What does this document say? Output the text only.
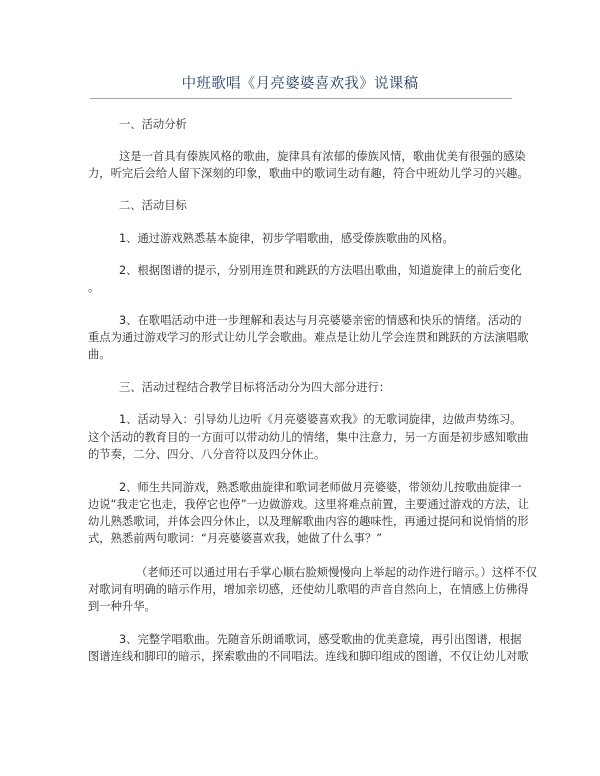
中班歌唱《月亮婆婆喜欢我》说课稿
一、活动分析
这是一首具有傣族风格的歌曲，旋律具有浓郁的傣族风情，歌曲优美有很强的感染
力，听完后会给人留下深刻的印象，歌曲中的歌词生动有趣，符合中班幼儿学习的兴趣。
二、活动目标
1、通过游戏熟悉基本旋律，初步学唱歌曲，感受傣族歌曲的风格。
2、根据图谱的提示，分别用连贯和跳跃的方法唱出歌曲，知道旋律上的前后变化
。
3、在歌唱活动中进一步理解和表达与月亮婆婆亲密的情感和快乐的情绪。活动的
重点为通过游戏学习的形式让幼儿学会歌曲。难点是让幼儿学会连贯和跳跃的方法演唱歌
曲。
三、活动过程结合教学目标将活动分为四大部分进行：
1、活动导入：引导幼儿边听《月亮婆婆喜欢我》的无歌词旋律，边做声势练习。
这个活动的教育目的一方面可以带动幼儿的情绪，集中注意力，另一方面是初步感知歌曲
的节奏，二分、四分、八分音符以及四分休止。
2、师生共同游戏，熟悉歌曲旋律和歌词老师做月亮婆婆，带领幼儿按歌曲旋律一
边说“我走它也走，我停它也停”一边做游戏。这里将难点前置，主要通过游戏的方法，让
幼儿熟悉歌词，并体会四分休止，以及理解歌曲内容的趣味性，再通过提问和说悄悄的形
式，熟悉前两句歌词：“月亮婆婆喜欢我，她做了什么事？”
（老师还可以通过用右手掌心顺右脸颊慢慢向上举起的动作进行暗示。）这样不仅
对歌词有明确的暗示作用，增加亲切感，还使幼儿歌唱的声音自然向上，在情感上仿佛得
到一种升华。
3、完整学唱歌曲。先随音乐朗诵歌词，感受歌曲的优美意境，再引出图谱，根据
图谱连线和脚印的暗示，探索歌曲的不同唱法。连线和脚印组成的图谱，不仅让幼儿对歌
